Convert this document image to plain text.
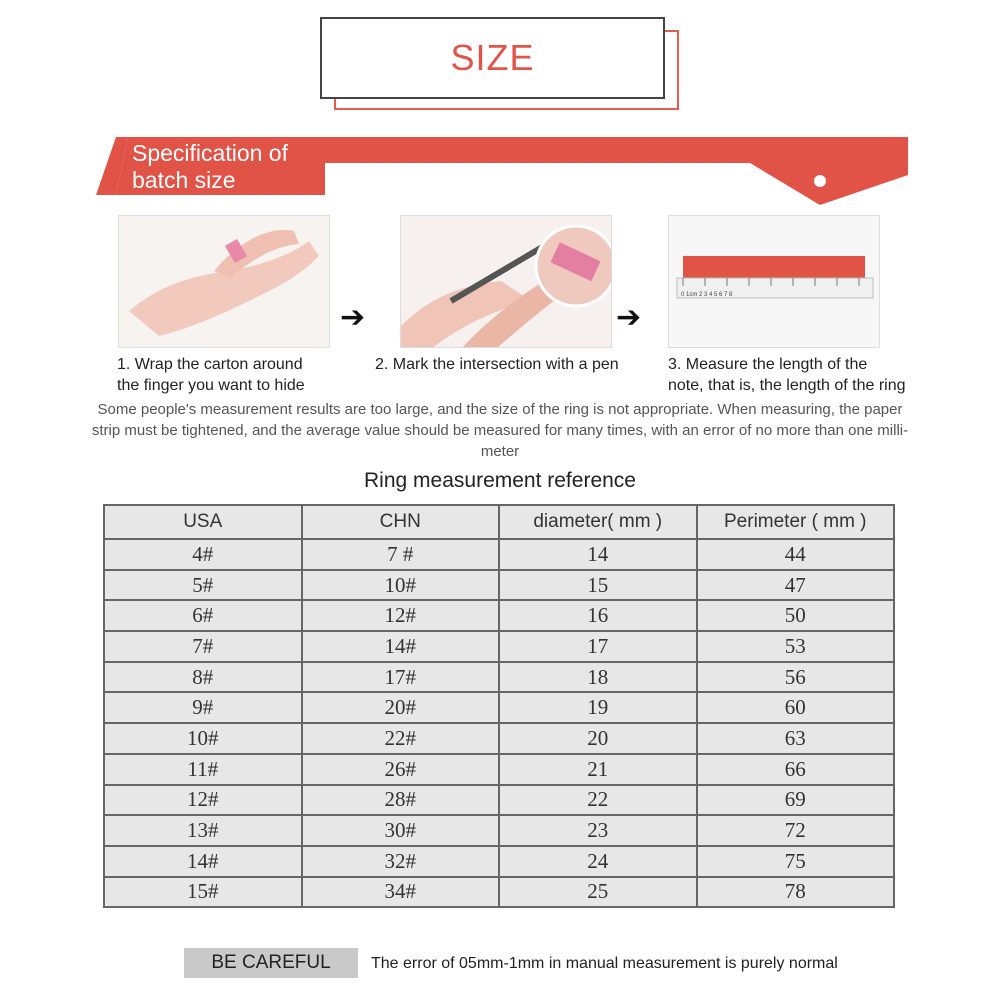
SIZE
Specification of
batch size
➔	➔
0 1cm 2 3 4 5 6 7 8
1. Wrap the carton around
the finger you want to hide
2. Mark the intersection with a pen	3. Measure the length of the
note, that is, the length of the ring
Some people's measurement results are too large, and the size of the ring is not appropriate. When measuring, the paper
strip must be tightened, and the average value should be measured for many times, with an error of no more than one milli-
meter
Ring measurement reference
USA	CHN	diameter( mm )	Perimeter ( mm )
4#	7 #	14	44
5#	10#	15	47
6#	12#	16	50
7#	14#	17	53
8#	17#	18	56
9#	20#	19	60
10#	22#	20	63
11#	26#	21	66
12#	28#	22	69
13#	30#	23	72
14#	32#	24	75
15#	34#	25	78
BE CAREFUL	The error of 05mm-1mm in manual measurement is purely normal
